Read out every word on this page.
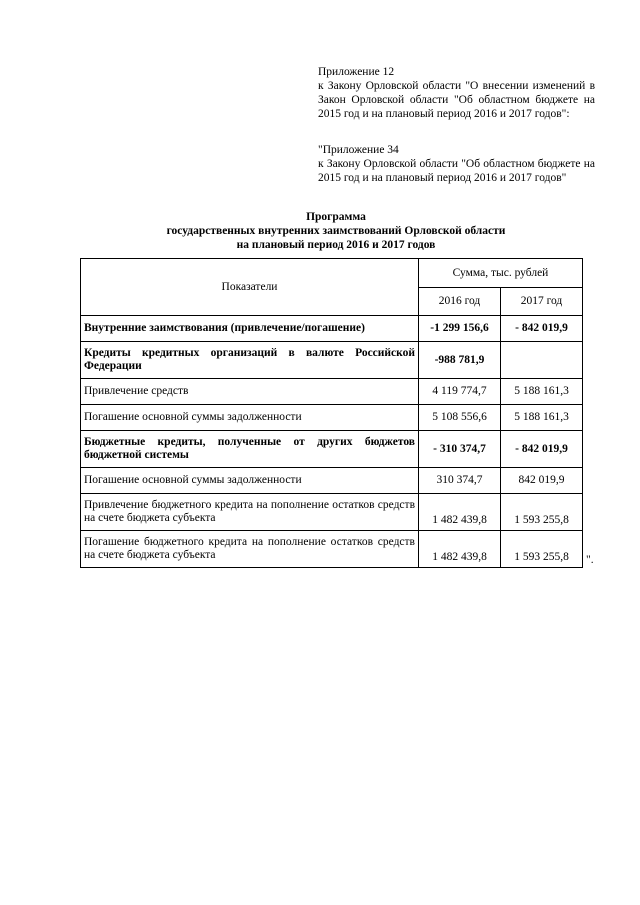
Приложение 12

к Закону Орловской области "О внесении изменений в Закон Орловской области "Об областном бюджете на 2015 год и на плановый период 2016 и 2017 годов":

"Приложение 34

к Закону Орловской области "Об областном бюджете на 2015 год и на плановый период 2016 и 2017 годов"

Программа
государственных внутренних заимствований Орловской области
на плановый период 2016 и 2017 годов
Показатели	Сумма, тыс. рублей	
	2016 год	2017 год
Внутренние заимствования (привлечение/погашение)	-1 299 156,6	- 842 019,9
Кредиты кредитных организаций в валюте Российской Федерации	-988 781,9	
Привлечение средств	4 119 774,7	5 188 161,3
Погашение основной суммы задолженности	5 108 556,6	5 188 161,3
Бюджетные кредиты, полученные от других бюджетов бюджетной системы	- 310 374,7	- 842 019,9
Погашение основной суммы задолженности	310 374,7	842 019,9
Привлечение бюджетного кредита на пополнение остатков средств на счете бюджета субъекта	1 482 439,8	1 593 255,8
Погашение бюджетного кредита на пополнение остатков средств на счете бюджета субъекта	1 482 439,8	1 593 255,8 ".
